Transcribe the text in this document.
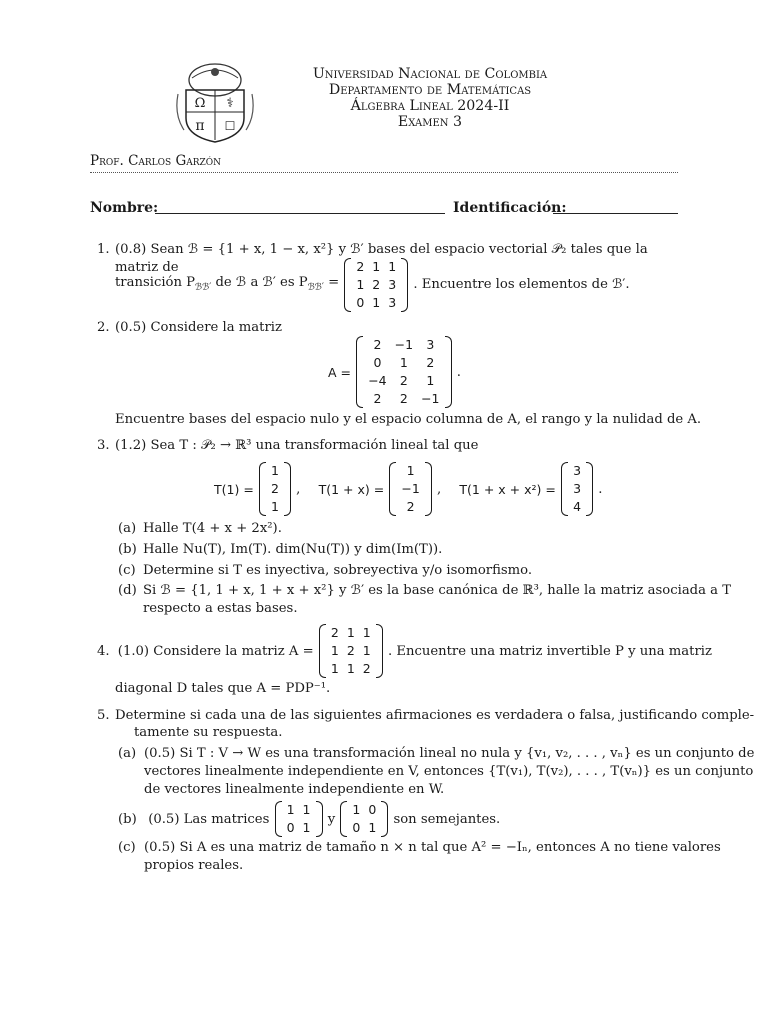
Ω ⚕
π ☐
Universidad Nacional de Colombia
Departamento de Matemáticas
Álgebra Lineal 2024-II
Examen 3
Prof. Carlos Garzón
Nombre:	Identificación:
1. (0.8) Sean ℬ = {1 + x, 1 − x, x²} y ℬ′ bases del espacio vectorial 𝒫₂ tales que la matriz de
transición $P_{ℬℬ'}$ de ℬ a ℬ′ es $P_{ℬℬ'}$ =
2	1	1
1	2	3
0	1	3
. Encuentre los elementos de ℬ′.
2. (0.5) Considere la matriz
A =
2	−1	3
0	1	2
−4	2	1
2	2	−1
.
Encuentre bases del espacio nulo y el espacio columna de A, el rango y la nulidad de A.
3. (1.2) Sea T : 𝒫₂ → ℝ³ una transformación lineal tal que
T(1) =
1
2
1
, T(1 + x) =
1
−1
2
, T(1 + x + x²) =
3
3
4
.
(a) Halle T(4 + x + 2x²).
(b) Halle Nu(T), Im(T). dim(Nu(T)) y dim(Im(T)).
(c) Determine si T es inyectiva, sobreyectiva y/o isomorfismo.
(d) Si ℬ = {1, 1 + x, 1 + x + x²} y ℬ′ es la base canónica de ℝ³, halle la matriz asociada a T
respecto a estas bases.
4. (1.0) Considere la matriz A =
2	1	1
1	2	1
1	1	2
. Encuentre una matriz invertible P y una matriz
diagonal D tales que A = PDP⁻¹.
5. Determine si cada una de las siguientes afirmaciones es verdadera o falsa, justificando comple-
tamente su respuesta.
(a) (0.5) Si T : V → W es una transformación lineal no nula y {v₁, v₂, . . . , vₙ} es un conjunto de
vectores linealmente independiente en V, entonces {T(v₁), T(v₂), . . . , T(vₙ)} es un conjunto
de vectores linealmente independiente en W.
(b) (0.5) Las matrices
1	1
0	1
y
1	0
0	1
son semejantes.
(c) (0.5) Si A es una matriz de tamaño n × n tal que A² = −Iₙ, entonces A no tiene valores
propios reales.
